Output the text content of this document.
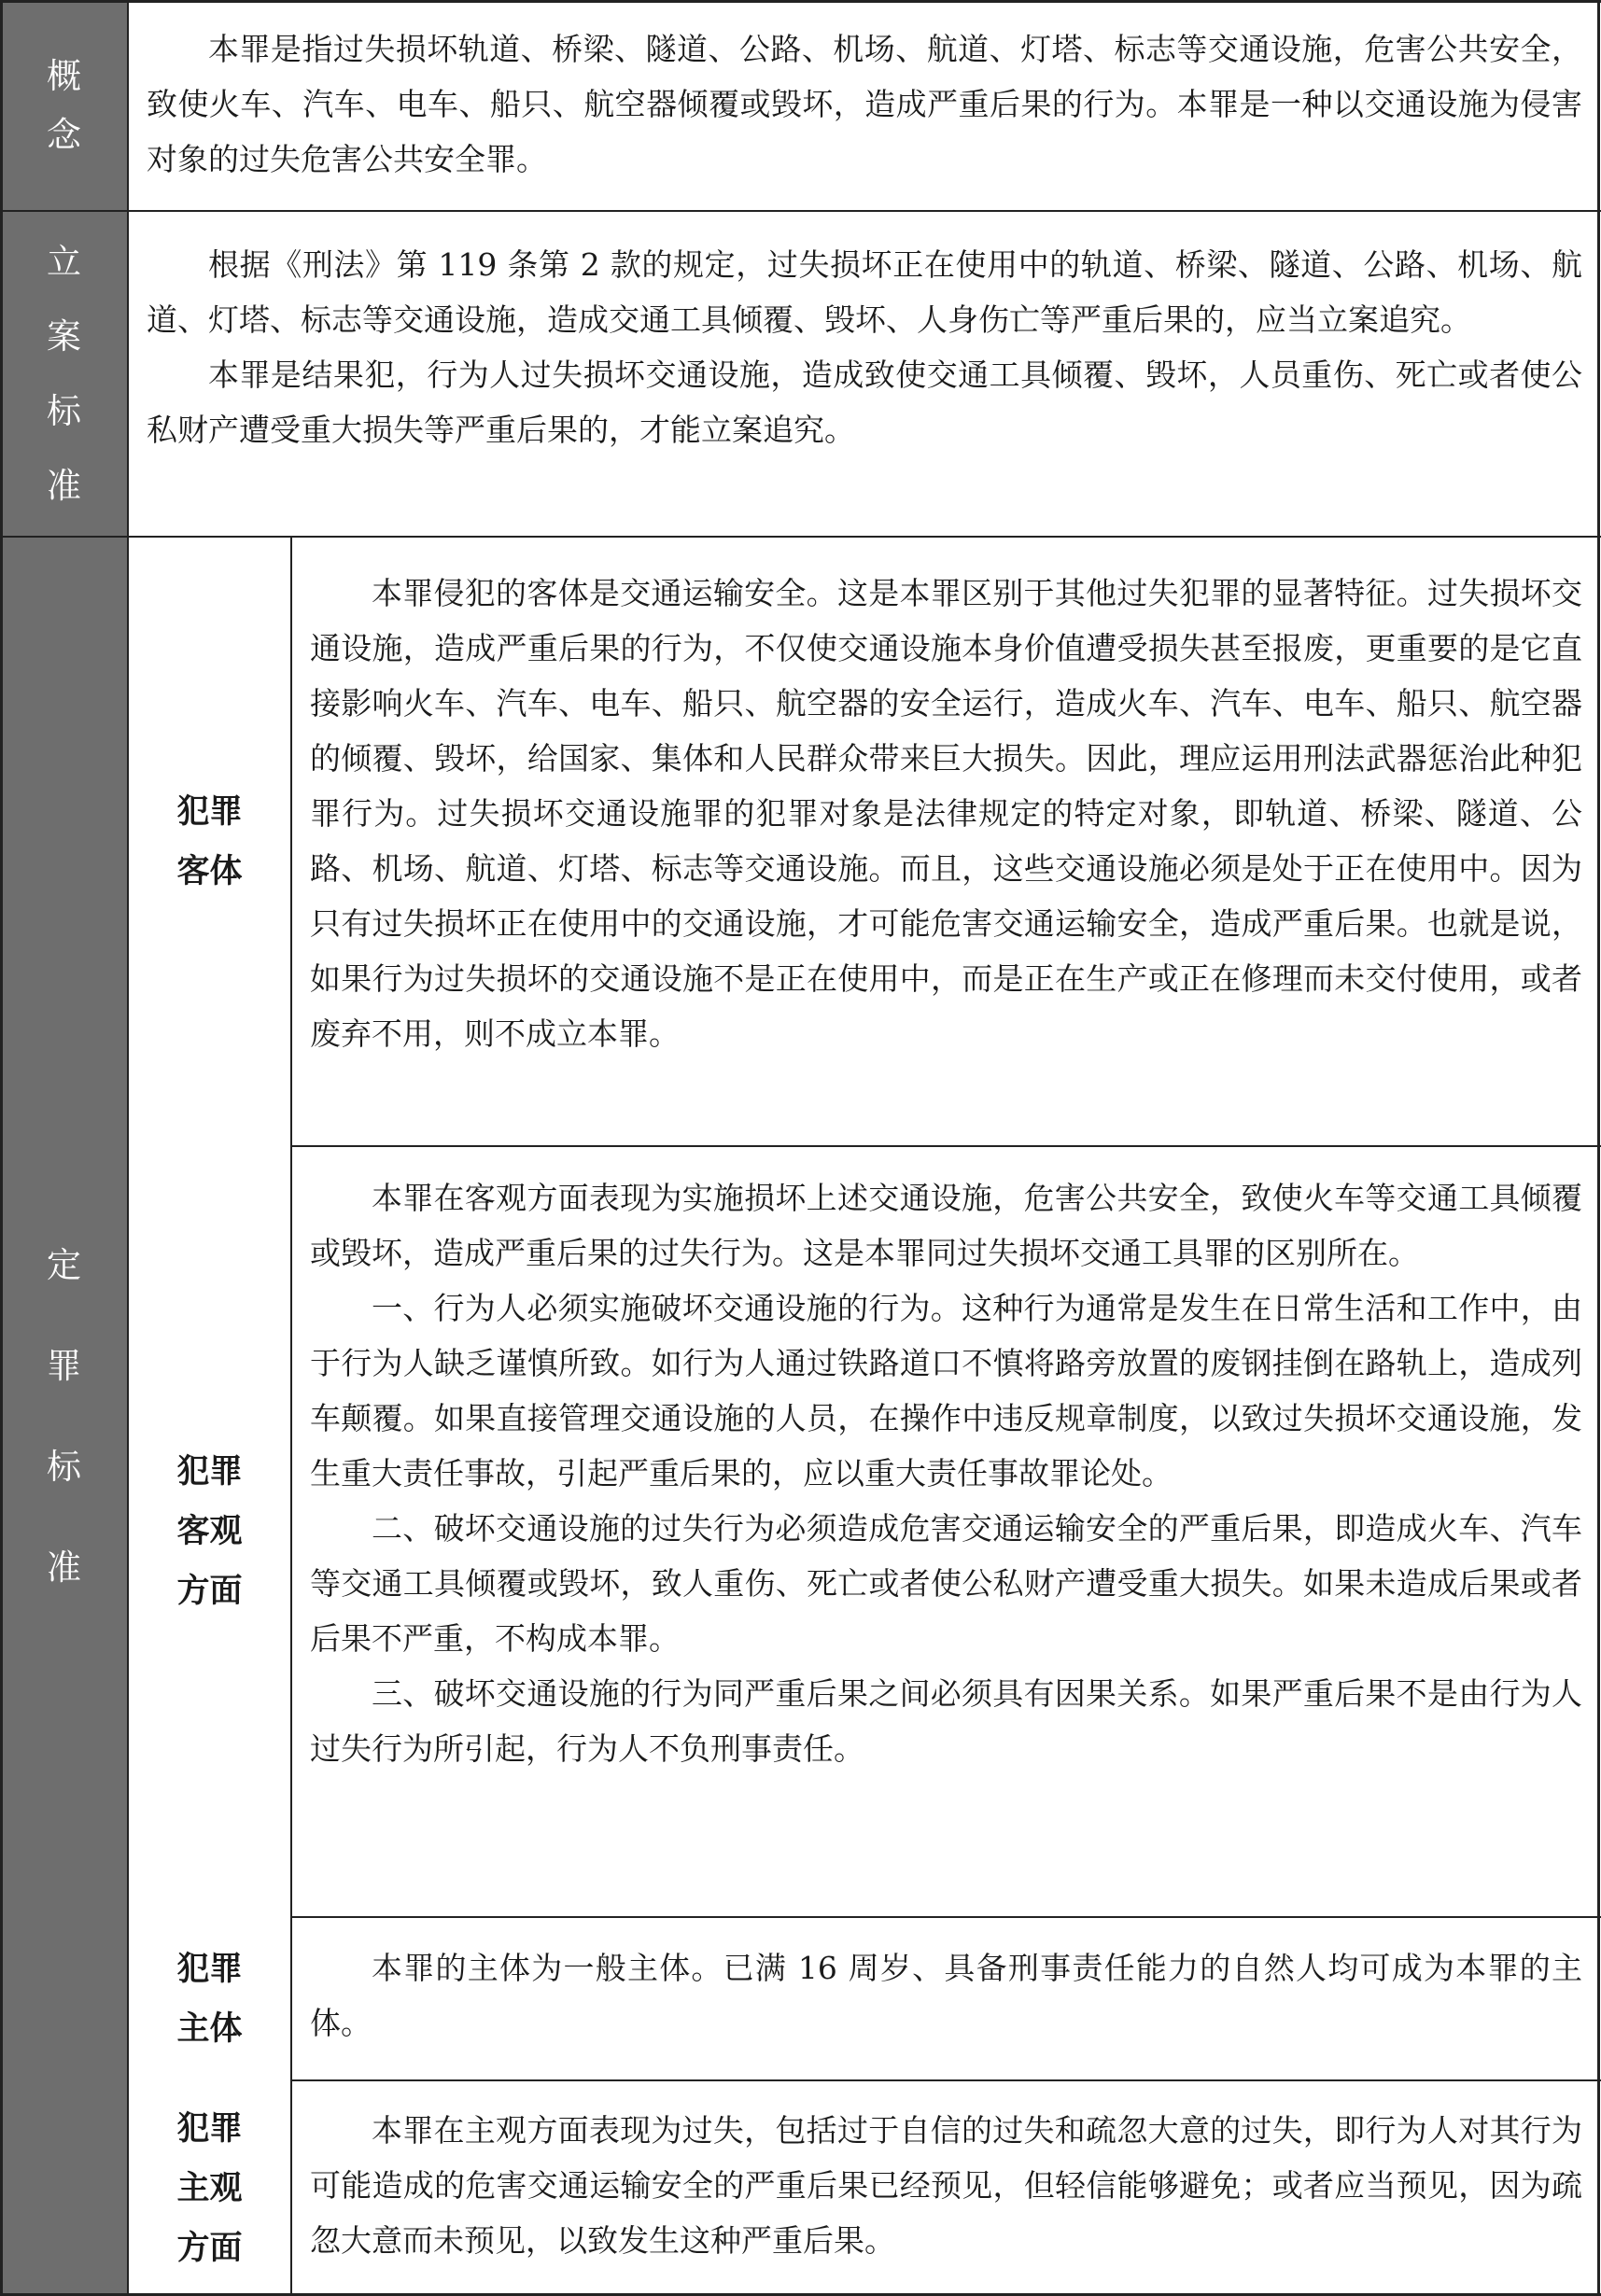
概
念

本罪是指过失损坏轨道、桥梁、隧道、公路、机场、航道、灯塔、标志等交通设施，危害公共安全，致使火车、汽车、电车、船只、航空器倾覆或毁坏，造成严重后果的行为。本罪是一种以交通设施为侵害对象的过失危害公共安全罪。

立
案
标
准

根据《刑法》第 119 条第 2 款的规定，过失损坏正在使用中的轨道、桥梁、隧道、公路、机场、航道、灯塔、标志等交通设施，造成交通工具倾覆、毁坏、人身伤亡等严重后果的，应当立案追究。

本罪是结果犯，行为人过失损坏交通设施，造成致使交通工具倾覆、毁坏，人员重伤、死亡或者使公私财产遭受重大损失等严重后果的，才能立案追究。

定
罪
标
准
犯罪
客体

本罪侵犯的客体是交通运输安全。这是本罪区别于其他过失犯罪的显著特征。过失损坏交通设施，造成严重后果的行为，不仅使交通设施本身价值遭受损失甚至报废，更重要的是它直接影响火车、汽车、电车、船只、航空器的安全运行，造成火车、汽车、电车、船只、航空器的倾覆、毁坏，给国家、集体和人民群众带来巨大损失。因此，理应运用刑法武器惩治此种犯罪行为。过失损坏交通设施罪的犯罪对象是法律规定的特定对象，即轨道、桥梁、隧道、公路、机场、航道、灯塔、标志等交通设施。而且，这些交通设施必须是处于正在使用中。因为只有过失损坏正在使用中的交通设施，才可能危害交通运输安全，造成严重后果。也就是说，如果行为过失损坏的交通设施不是正在使用中，而是正在生产或正在修理而未交付使用，或者废弃不用，则不成立本罪。

犯罪
客观
方面

本罪在客观方面表现为实施损坏上述交通设施，危害公共安全，致使火车等交通工具倾覆或毁坏，造成严重后果的过失行为。这是本罪同过失损坏交通工具罪的区别所在。

一、行为人必须实施破坏交通设施的行为。这种行为通常是发生在日常生活和工作中，由于行为人缺乏谨慎所致。如行为人通过铁路道口不慎将路旁放置的废钢挂倒在路轨上，造成列车颠覆。如果直接管理交通设施的人员，在操作中违反规章制度，以致过失损坏交通设施，发生重大责任事故，引起严重后果的，应以重大责任事故罪论处。

二、破坏交通设施的过失行为必须造成危害交通运输安全的严重后果，即造成火车、汽车等交通工具倾覆或毁坏，致人重伤、死亡或者使公私财产遭受重大损失。如果未造成后果或者后果不严重，不构成本罪。

三、破坏交通设施的行为同严重后果之间必须具有因果关系。如果严重后果不是由行为人过失行为所引起，行为人不负刑事责任。

犯罪
主体

本罪的主体为一般主体。已满 16 周岁、具备刑事责任能力的自然人均可成为本罪的主体。

犯罪
主观
方面

本罪在主观方面表现为过失，包括过于自信的过失和疏忽大意的过失，即行为人对其行为可能造成的危害交通运输安全的严重后果已经预见，但轻信能够避免；或者应当预见，因为疏忽大意而未预见，以致发生这种严重后果。
